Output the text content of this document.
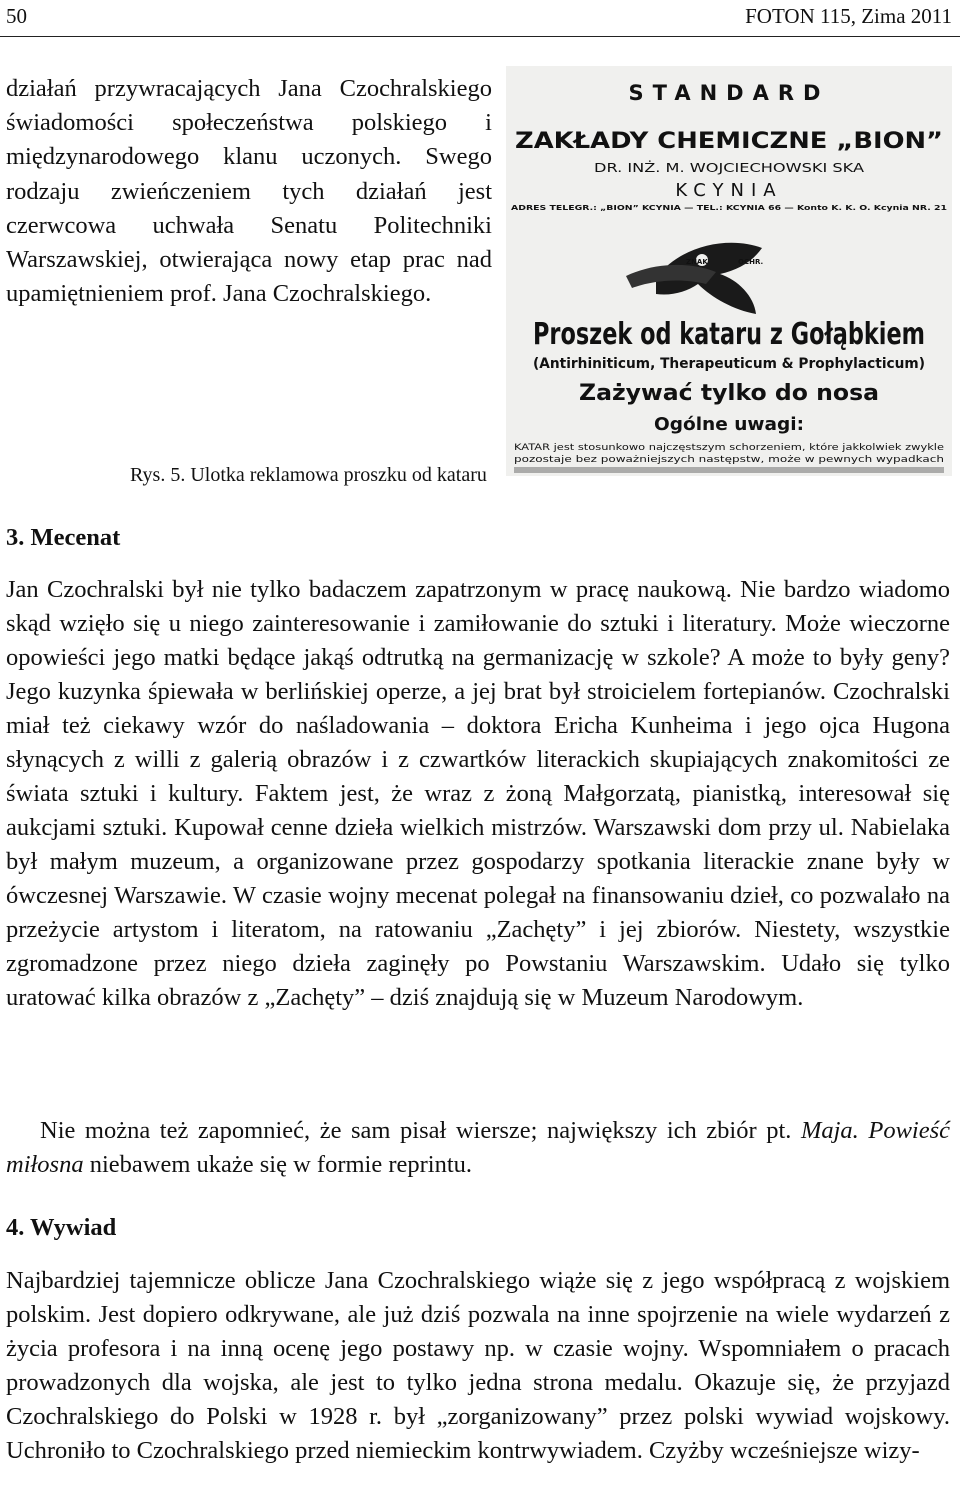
50	FOTON 115, Zima 2011
działań przywracających Jana Czochralskiego świadomości społeczeństwa polskiego i międzynarodowego klanu uczonych. Swego rodzaju zwieńczeniem tych działań jest czerwcowa uchwała Senatu Politechniki Warszawskiej, otwierająca nowy etap prac nad upamiętnieniem prof. Jana Czochralskiego.
STANDARD
ZAKŁADY CHEMICZNE „BION”
DR. INŻ. M. WOJCIECHOWSKI SKA
KCYNIA
ADRES TELEGR.: „BION” KCYNIA — TEL.: KCYNIA 66 — Konto K. K. O. Kcynia NR. 21
ZNAK	OCHR.
Proszek od kataru z Gołąbkiem
(Antirhiniticum, Therapeuticum & Prophylacticum)
Zażywać tylko do nosa
Ogólne uwagi:
KATAR jest stosunkowo najczęstszym schorzeniem, które jakkolwiek zwykle
pozostaje bez poważniejszych następstw, może w pewnych wypadkach
Rys. 5. Ulotka reklamowa proszku od kataru
3. Mecenat

Jan Czochralski był nie tylko badaczem zapatrzonym w pracę naukową. Nie bardzo wiadomo skąd wzięło się u niego zainteresowanie i zamiłowanie do sztuki i literatury. Może wieczorne opowieści jego matki będące jakąś odtrutką na germanizację w szkole? A może to były geny? Jego kuzynka śpiewała w berlińskiej operze, a jej brat był stroicielem fortepianów. Czochralski miał też ciekawy wzór do naśladowania – doktora Ericha Kunheima i jego ojca Hugona słynących z willi z galerią obrazów i z czwartków literackich skupiających znakomitości ze świata sztuki i kultury. Faktem jest, że wraz z żoną Małgorzatą, pianistką, interesował się aukcjami sztuki. Kupował cenne dzieła wielkich mistrzów. Warszawski dom przy ul. Nabielaka był małym muzeum, a organizowane przez gospodarzy spotkania literackie znane były w ówczesnej Warszawie. W czasie wojny mecenat polegał na finansowaniu dzieł, co pozwalało na przeżycie artystom i literatom, na ratowaniu „Zachęty” i jej zbiorów. Niestety, wszystkie zgromadzone przez niego dzieła zaginęły po Powstaniu Warszawskim. Udało się tylko uratować kilka obrazów z „Zachęty” – dziś znajdują się w Muzeum Narodowym.

Nie można też zapomnieć, że sam pisał wiersze; największy ich zbiór pt. Maja. Powieść miłosna niebawem ukaże się w formie reprintu.

4. Wywiad

Najbardziej tajemnicze oblicze Jana Czochralskiego wiąże się z jego współpracą z wojskiem polskim. Jest dopiero odkrywane, ale już dziś pozwala na inne spojrzenie na wiele wydarzeń z życia profesora i na inną ocenę jego postawy np. w czasie wojny. Wspomniałem o pracach prowadzonych dla wojska, ale jest to tylko jedna strona medalu. Okazuje się, że przyjazd Czochralskiego do Polski w 1928 r. był „zorganizowany” przez polski wywiad wojskowy. Uchroniło to Czochralskiego przed niemieckim kontrwywiadem. Czyżby wcześniejsze wizy-
